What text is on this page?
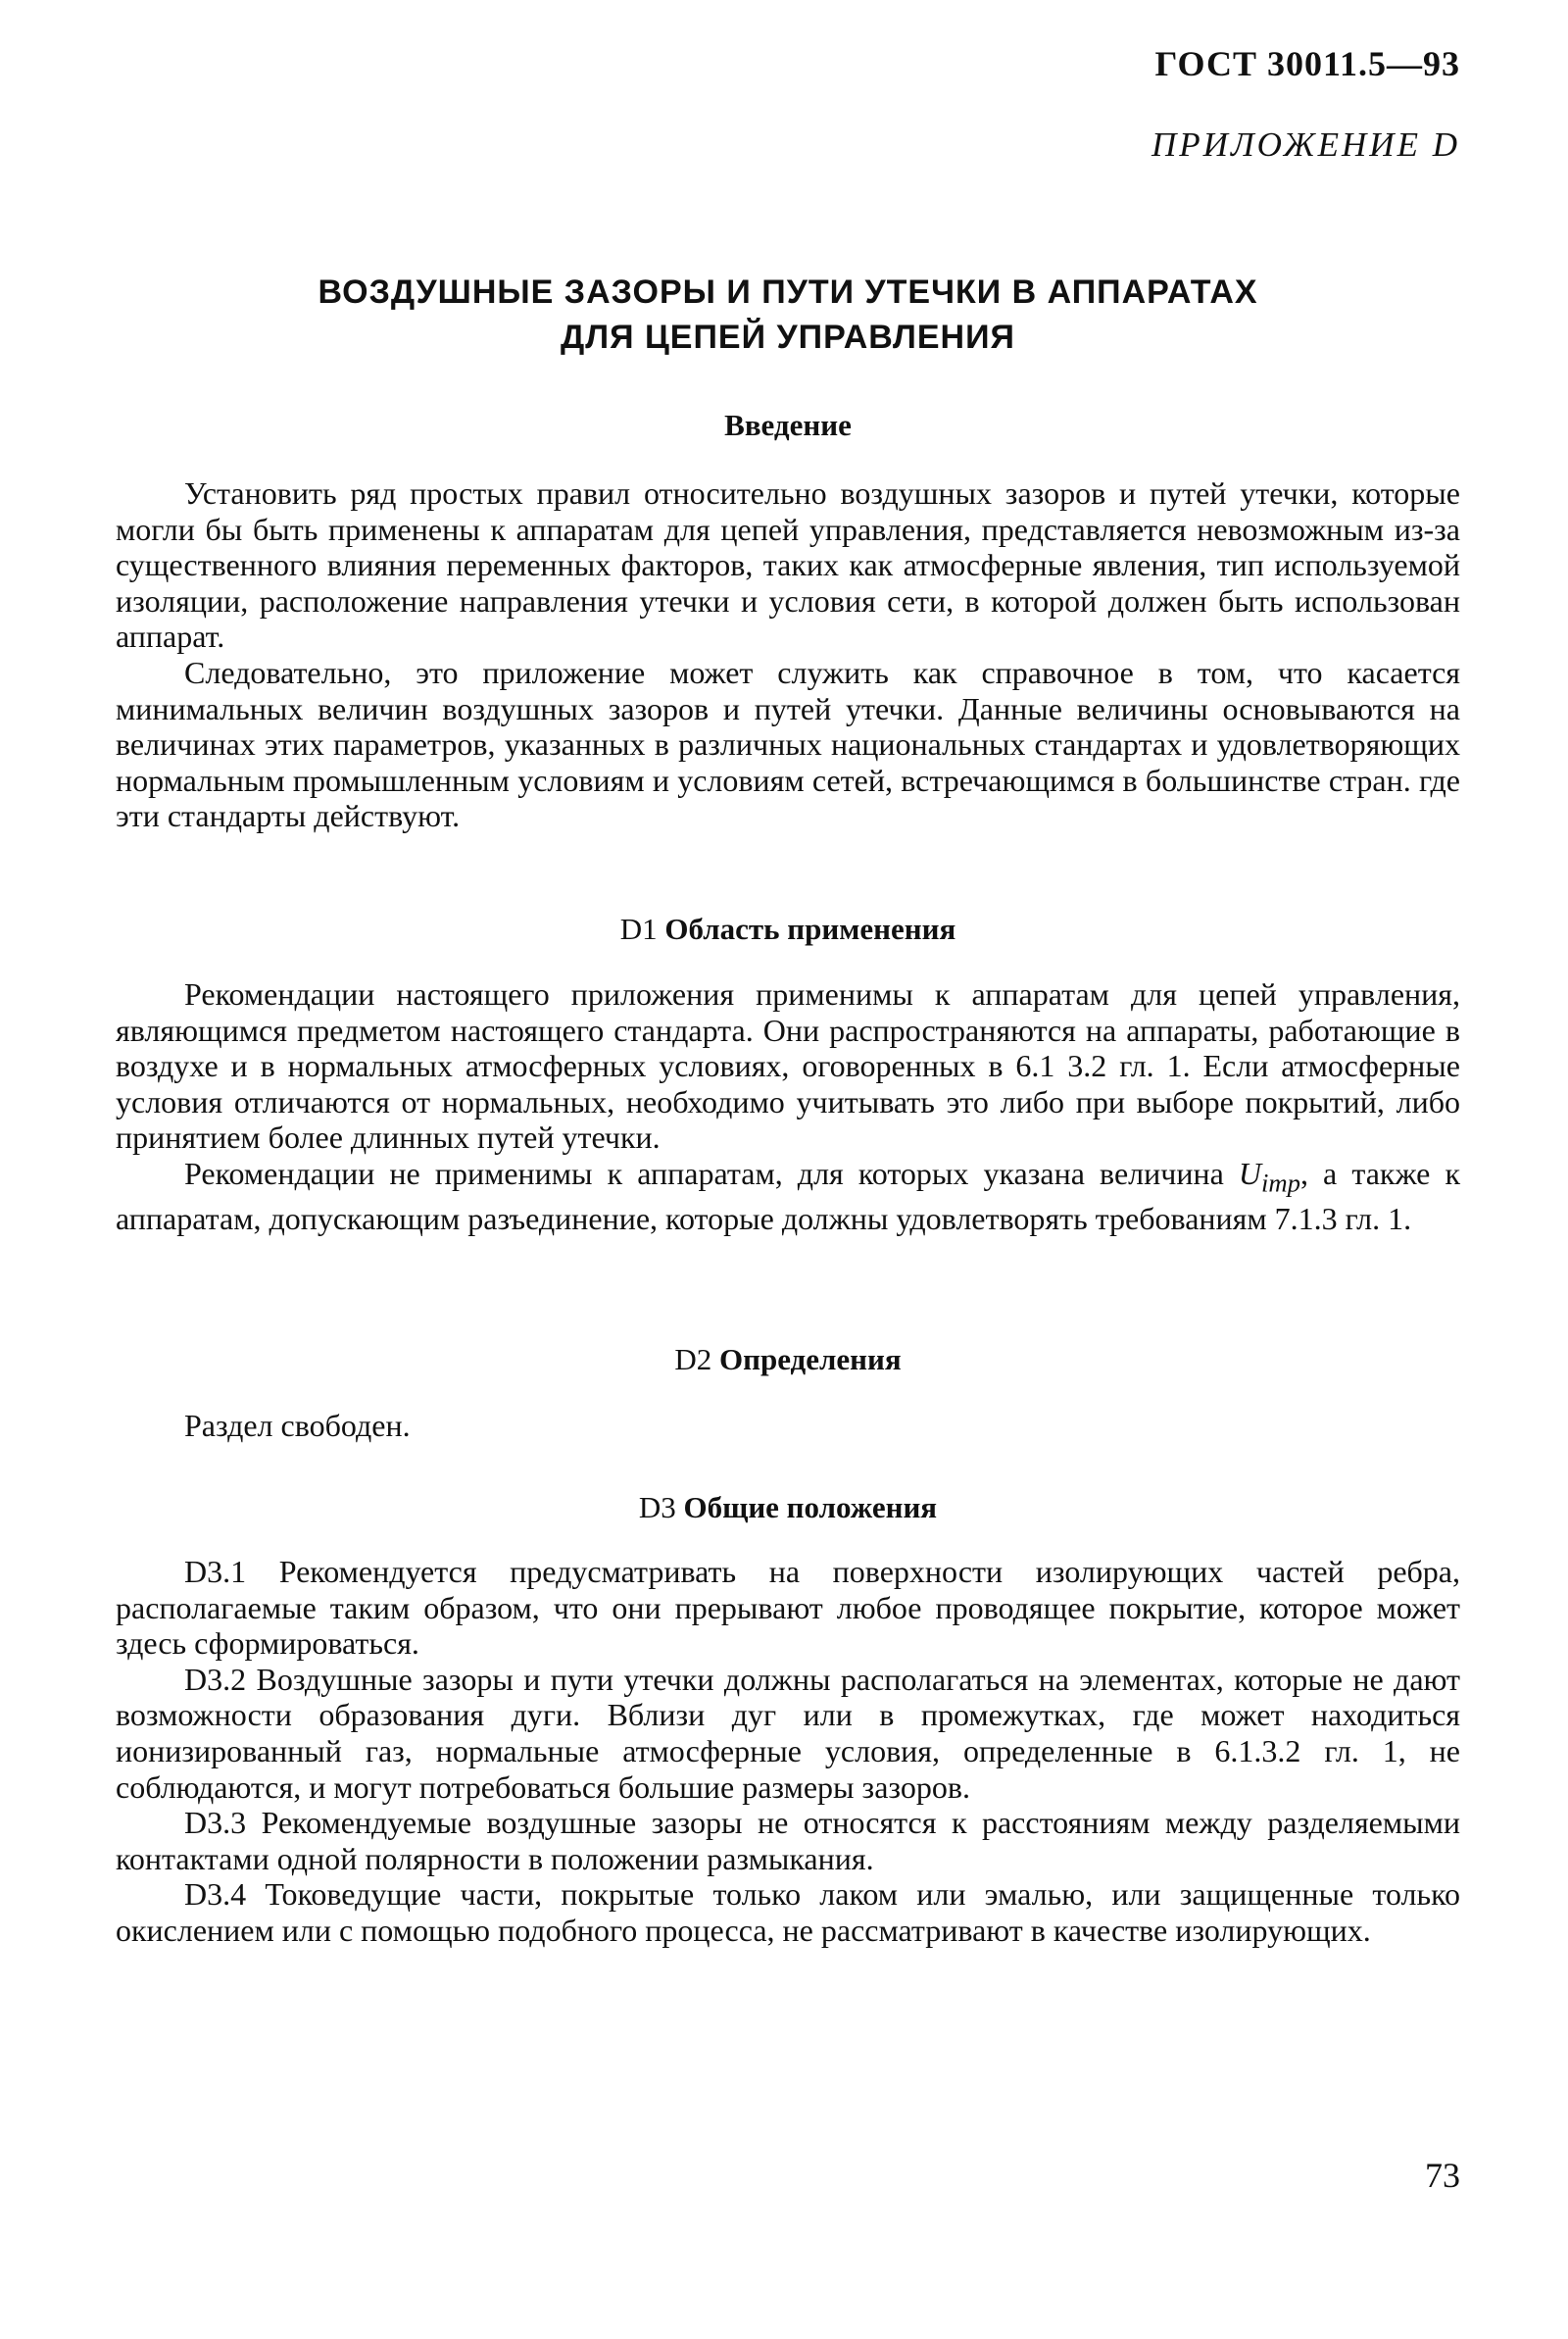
ГОСТ 30011.5—93
ПРИЛОЖЕНИЕ D
ВОЗДУШНЫЕ ЗАЗОРЫ И ПУТИ УТЕЧКИ В АППАРАТАХ
ДЛЯ ЦЕПЕЙ УПРАВЛЕНИЯ
Введение

Установить ряд простых правил относительно воздушных зазоров и путей утечки, которые могли бы быть применены к аппаратам для цепей управления, представляется невозможным из-за существенного влияния переменных факторов, таких как атмосферные явления, тип используемой изоляции, расположение направления утечки и условия сети, в которой должен быть использован аппарат.

Следовательно, это приложение может служить как справочное в том, что касается минимальных величин воздушных зазоров и путей утечки. Данные величины основываются на величинах этих параметров, указанных в различных национальных стандартах и удовлетворяющих нормальным промышленным условиям и условиям сетей, встречающимся в большинстве стран. где эти стандарты действуют.

D1 Область применения

Рекомендации настоящего приложения применимы к аппаратам для цепей управления, являющимся предметом настоящего стандарта. Они распространяются на аппараты, работающие в воздухе и в нормальных атмосферных условиях, оговоренных в 6.1 3.2 гл. 1. Если атмосферные условия отличаются от нормальных, необходимо учитывать это либо при выборе покрытий, либо принятием более длинных путей утечки.

Рекомендации не применимы к аппаратам, для которых указана величина $U_{imp}$, а также к аппаратам, допускающим разъединение, которые должны удовлетворять требованиям 7.1.3 гл. 1.

D2 Определения

Раздел свободен.

D3 Общие положения

D3.1 Рекомендуется предусматривать на поверхности изолирующих частей ребра, располагаемые таким образом, что они прерывают любое проводящее покрытие, которое может здесь сформироваться.

D3.2 Воздушные зазоры и пути утечки должны располагаться на элементах, которые не дают возможности образования дуги. Вблизи дуг или в промежутках, где может находиться ионизированный газ, нормальные атмосферные условия, определенные в 6.1.3.2 гл. 1, не соблюдаются, и могут потребоваться большие размеры зазоров.

D3.3 Рекомендуемые воздушные зазоры не относятся к расстояниям между разделяемыми контактами одной полярности в положении размыкания.

D3.4 Токоведущие части, покрытые только лаком или эмалью, или защищенные только окислением или с помощью подобного процесса, не рассматривают в качестве изолирующих.

73
